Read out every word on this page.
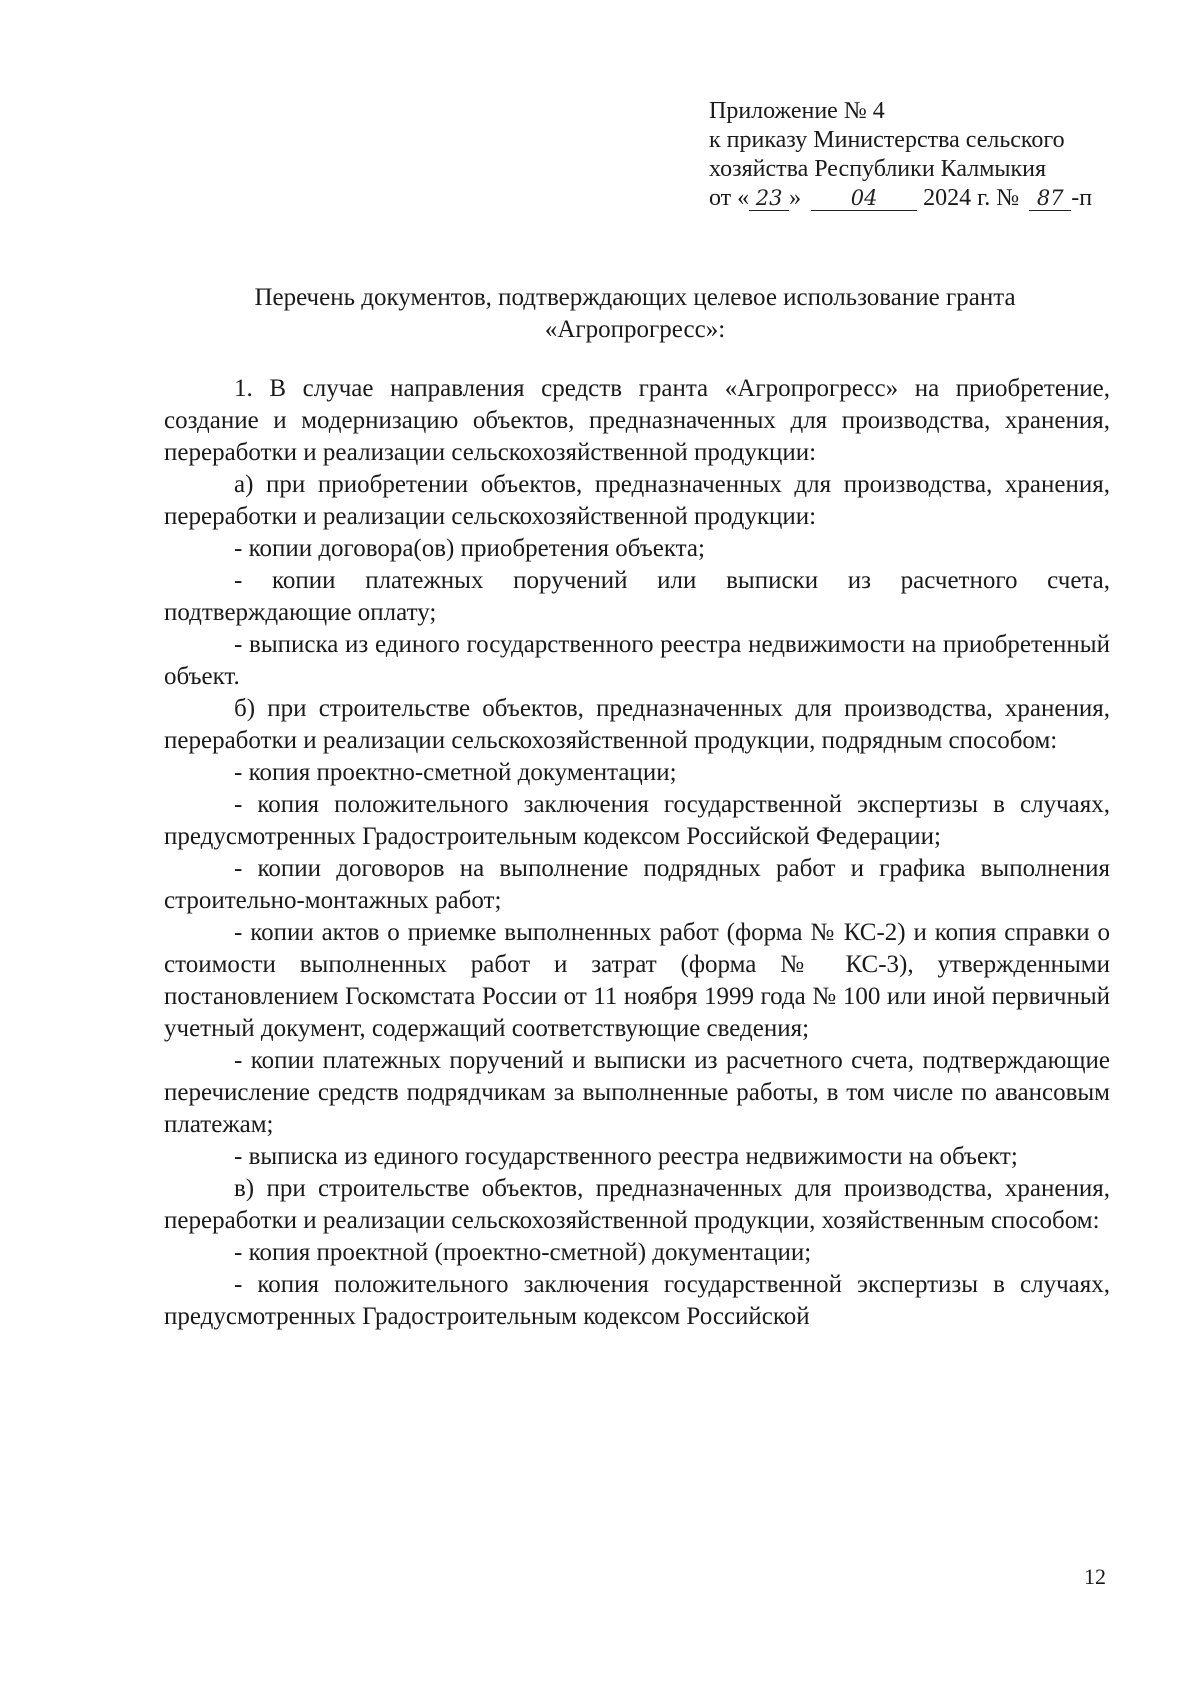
Приложение № 4
к приказу Министерства сельского
хозяйства Республики Калмыкия
от « 23 » 04 2024 г. № 87 -п
Перечень документов, подтверждающих целевое использование гранта
«Агропрогресс»:

1. В случае направления средств гранта «Агропрогресс» на приобретение, создание и модернизацию объектов, предназначенных для производства, хранения, переработки и реализации сельскохозяйственной продукции:

а) при приобретении объектов, предназначенных для производства, хранения, переработки и реализации сельскохозяйственной продукции:

- копии договора(ов) приобретения объекта;

- копии платежных поручений или выписки из расчетного счета, подтверждающие оплату;

- выписка из единого государственного реестра недвижимости на приобретенный объект.

б) при строительстве объектов, предназначенных для производства, хранения, переработки и реализации сельскохозяйственной продукции, подрядным способом:

- копия проектно-сметной документации;

- копия положительного заключения государственной экспертизы в случаях, предусмотренных Градостроительным кодексом Российской Федерации;

- копии договоров на выполнение подрядных работ и графика выполнения строительно-монтажных работ;

- копии актов о приемке выполненных работ (форма № КС-2) и копия справки о стоимости выполненных работ и затрат (форма № КС-3), утвержденными постановлением Госкомстата России от 11 ноября 1999 года № 100 или иной первичный учетный документ, содержащий соответствующие сведения;

- копии платежных поручений и выписки из расчетного счета, подтверждающие перечисление средств подрядчикам за выполненные работы, в том числе по авансовым платежам;

- выписка из единого государственного реестра недвижимости на объект;

в) при строительстве объектов, предназначенных для производства, хранения, переработки и реализации сельскохозяйственной продукции, хозяйственным способом:

- копия проектной (проектно-сметной) документации;

- копия положительного заключения государственной экспертизы в случаях, предусмотренных Градостроительным кодексом Российской

12
